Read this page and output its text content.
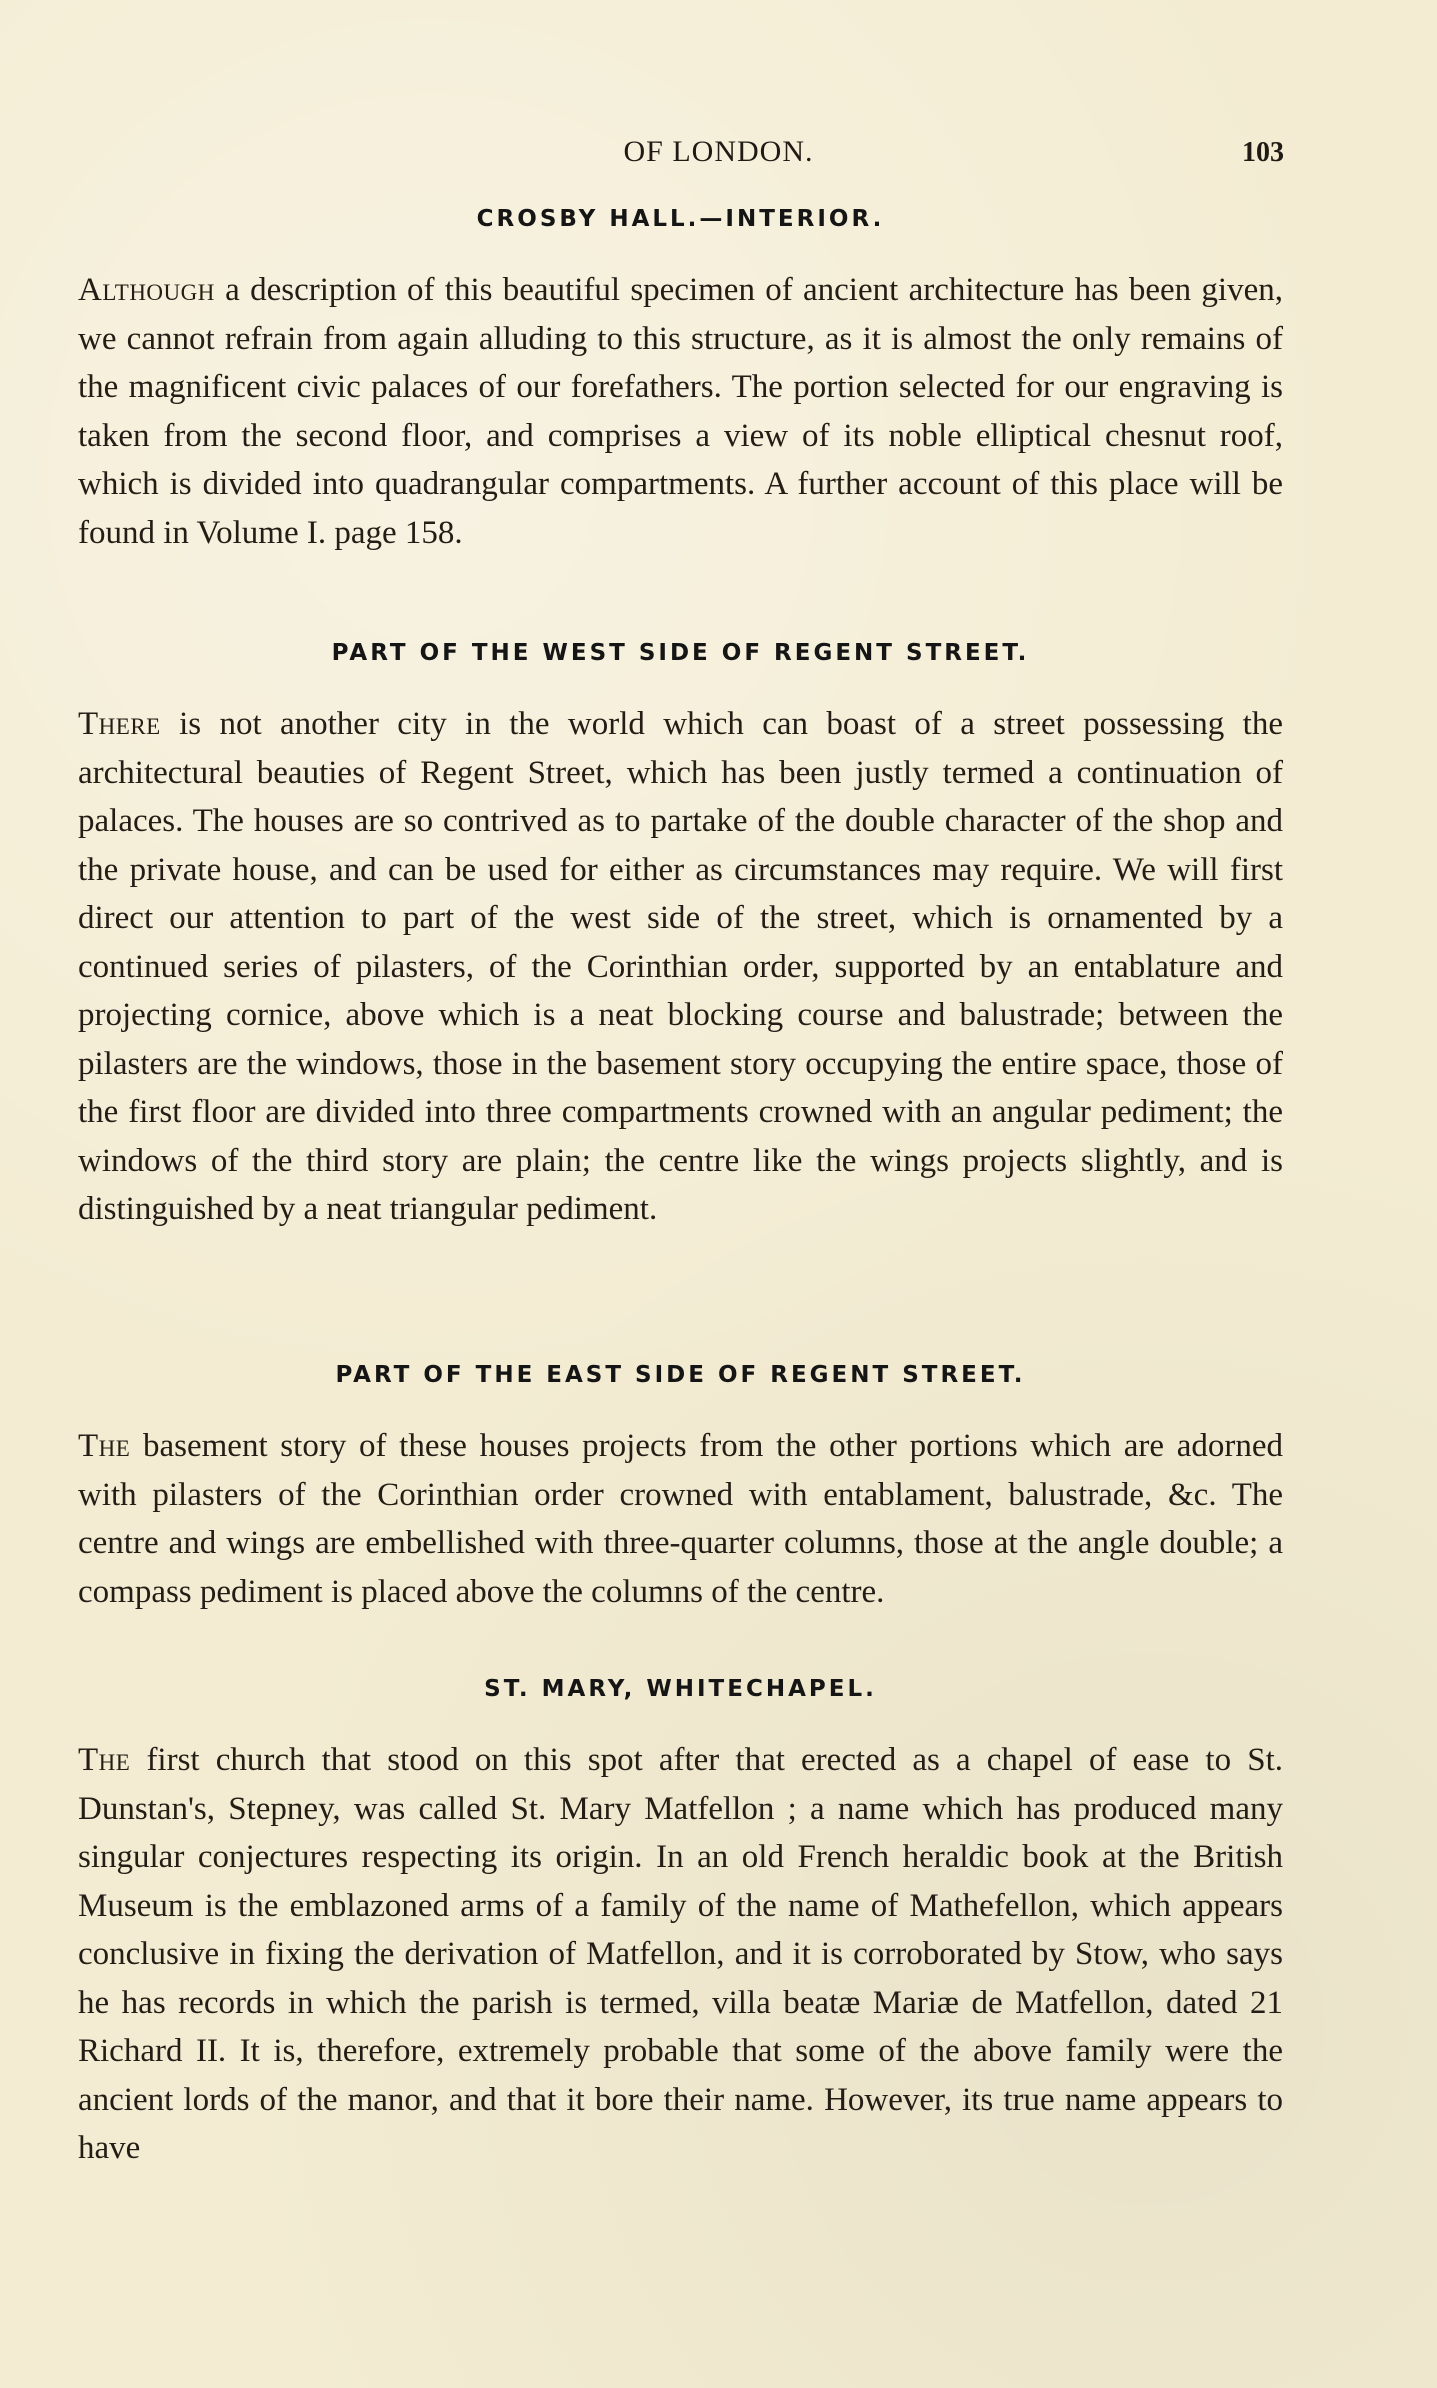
OF LONDON.	103
CROSBY HALL.—INTERIOR.

Although a description of this beautiful specimen of ancient architecture has been given, we cannot refrain from again alluding to this structure, as it is almost the only remains of the magnificent civic palaces of our forefathers. The portion selected for our engraving is taken from the second floor, and comprises a view of its noble elliptical chesnut roof, which is divided into quadrangular compartments. A further account of this place will be found in Volume I. page 158.

PART OF THE WEST SIDE OF REGENT STREET.

There is not another city in the world which can boast of a street possessing the architectural beauties of Regent Street, which has been justly termed a continuation of palaces. The houses are so contrived as to partake of the double character of the shop and the private house, and can be used for either as circumstances may require. We will first direct our attention to part of the west side of the street, which is ornamented by a continued series of pilasters, of the Corinthian order, supported by an entablature and projecting cornice, above which is a neat blocking course and balustrade; between the pilasters are the windows, those in the basement story occupying the entire space, those of the first floor are divided into three compartments crowned with an angular pediment; the windows of the third story are plain; the centre like the wings projects slightly, and is distinguished by a neat triangular pediment.

PART OF THE EAST SIDE OF REGENT STREET.

The basement story of these houses projects from the other portions which are adorned with pilasters of the Corinthian order crowned with entablament, balustrade, &c. The centre and wings are embellished with three-quarter columns, those at the angle double; a compass pediment is placed above the columns of the centre.

ST. MARY, WHITECHAPEL.

The first church that stood on this spot after that erected as a chapel of ease to St. Dunstan's, Stepney, was called St. Mary Matfellon ; a name which has produced many singular conjectures respecting its origin. In an old French heraldic book at the British Museum is the emblazoned arms of a family of the name of Mathefellon, which appears conclusive in fixing the derivation of Matfellon, and it is corroborated by Stow, who says he has records in which the parish is termed, villa beatæ Mariæ de Matfellon, dated 21 Richard II. It is, therefore, extremely probable that some of the above family were the ancient lords of the manor, and that it bore their name. However, its true name appears to have
